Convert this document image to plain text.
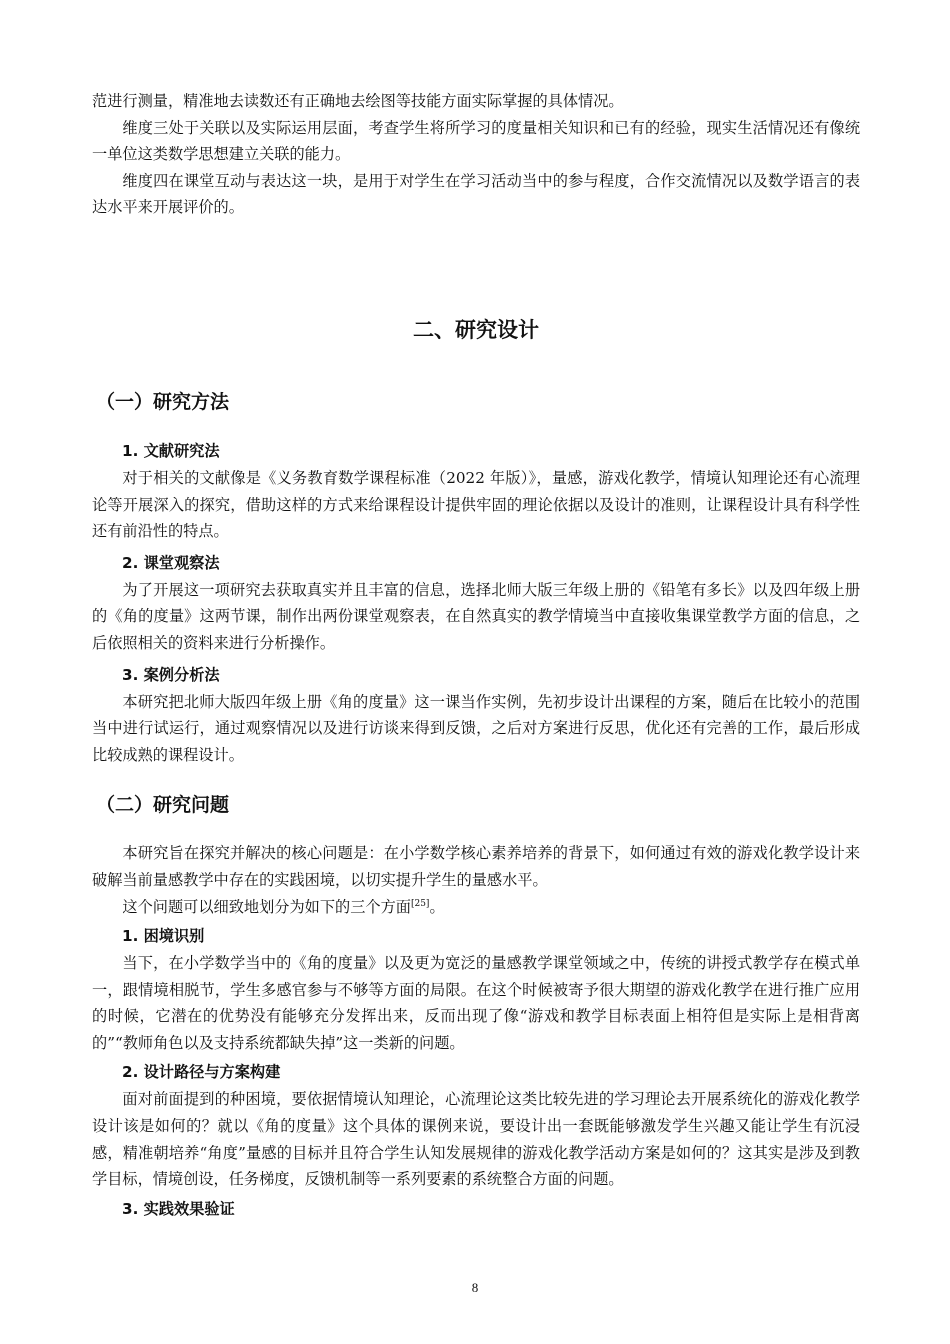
范进行测量，精准地去读数还有正确地去绘图等技能方面实际掌握的具体情况。

维度三处于关联以及实际运用层面，考查学生将所学习的度量相关知识和已有的经验，现实生活情况还有像统一单位这类数学思想建立关联的能力。

维度四在课堂互动与表达这一块，是用于对学生在学习活动当中的参与程度，合作交流情况以及数学语言的表达水平来开展评价的。

二、研究设计
（一）研究方法
1. 文献研究法

对于相关的文献像是《义务教育数学课程标准（2022 年版）》，量感，游戏化教学，情境认知理论还有心流理论等开展深入的探究，借助这样的方式来给课程设计提供牢固的理论依据以及设计的准则，让课程设计具有科学性还有前沿性的特点。

2. 课堂观察法

为了开展这一项研究去获取真实并且丰富的信息，选择北师大版三年级上册的《铅笔有多长》以及四年级上册的《角的度量》这两节课，制作出两份课堂观察表，在自然真实的教学情境当中直接收集课堂教学方面的信息，之后依照相关的资料来进行分析操作。

3. 案例分析法

本研究把北师大版四年级上册《角的度量》这一课当作实例，先初步设计出课程的方案，随后在比较小的范围当中进行试运行，通过观察情况以及进行访谈来得到反馈，之后对方案进行反思，优化还有完善的工作，最后形成比较成熟的课程设计。

（二）研究问题

本研究旨在探究并解决的核心问题是：在小学数学核心素养培养的背景下，如何通过有效的游戏化教学设计来破解当前量感教学中存在的实践困境，以切实提升学生的量感水平。

这个问题可以细致地划分为如下的三个方面[25]。

1. 困境识别

当下，在小学数学当中的《角的度量》以及更为宽泛的量感教学课堂领域之中，传统的讲授式教学存在模式单一，跟情境相脱节，学生多感官参与不够等方面的局限。在这个时候被寄予很大期望的游戏化教学在进行推广应用的时候，它潜在的优势没有能够充分发挥出来，反而出现了像“游戏和教学目标表面上相符但是实际上是相背离的”“教师角色以及支持系统都缺失掉”这一类新的问题。

2. 设计路径与方案构建

面对前面提到的种困境，要依据情境认知理论，心流理论这类比较先进的学习理论去开展系统化的游戏化教学设计该是如何的？就以《角的度量》这个具体的课例来说，要设计出一套既能够激发学生兴趣又能让学生有沉浸感，精准朝培养“角度”量感的目标并且符合学生认知发展规律的游戏化教学活动方案是如何的？这其实是涉及到教学目标，情境创设，任务梯度，反馈机制等一系列要素的系统整合方面的问题。

3. 实践效果验证
8
